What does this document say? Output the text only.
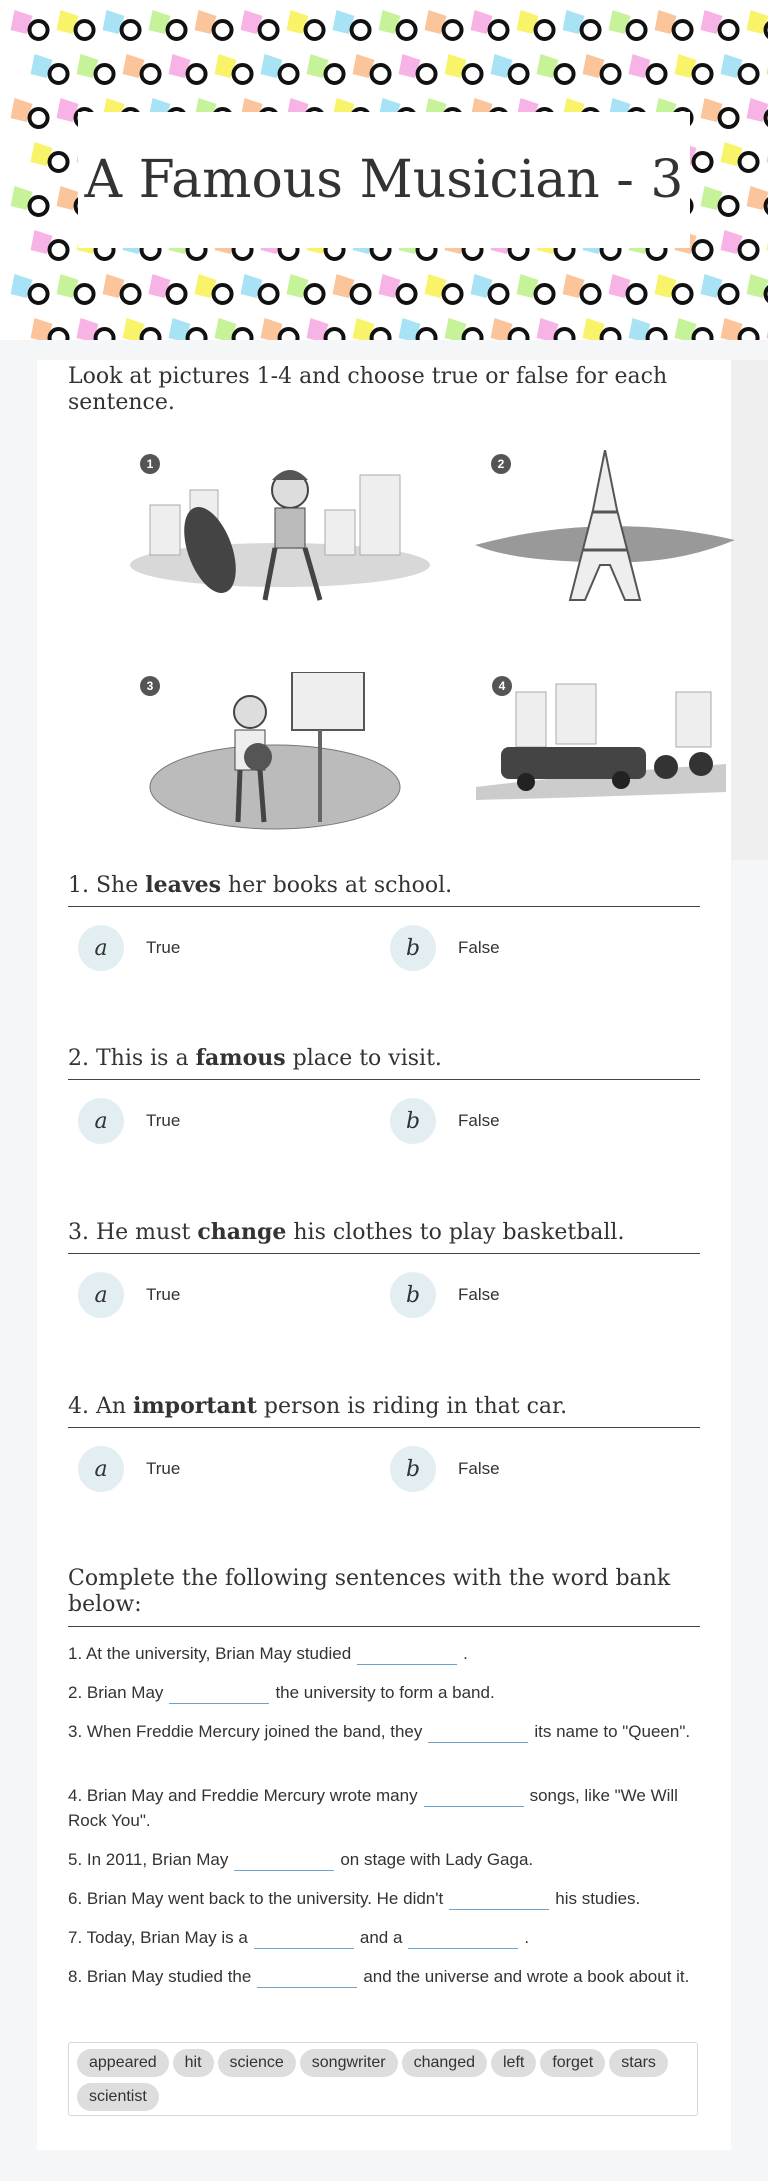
A Famous Musician - 3
Look at pictures 1-4 and choose true or false for each sentence.
1	2
3	4
1. She leaves her books at school.
a	True	b	False
2. This is a famous place to visit.
a	True	b	False
3. He must change his clothes to play basketball.
a	True	b	False
4. An important person is riding in that car.
a	True	b	False
Complete the following sentences with the word bank below:
1. At the university, Brian May studied	.
2. Brian May	the university to form a band.
3. When Freddie Mercury joined the band, they	its name to "Queen".
4. Brian May and Freddie Mercury wrote many	songs, like "We Will Rock You".
5. In 2011, Brian May	on stage with Lady Gaga.
6. Brian May went back to the university. He didn't	his studies.
7. Today, Brian May is a	and a	.
8. Brian May studied the	and the universe and wrote a book about it.
appeared hit science songwriter changed left forget starsscientist
